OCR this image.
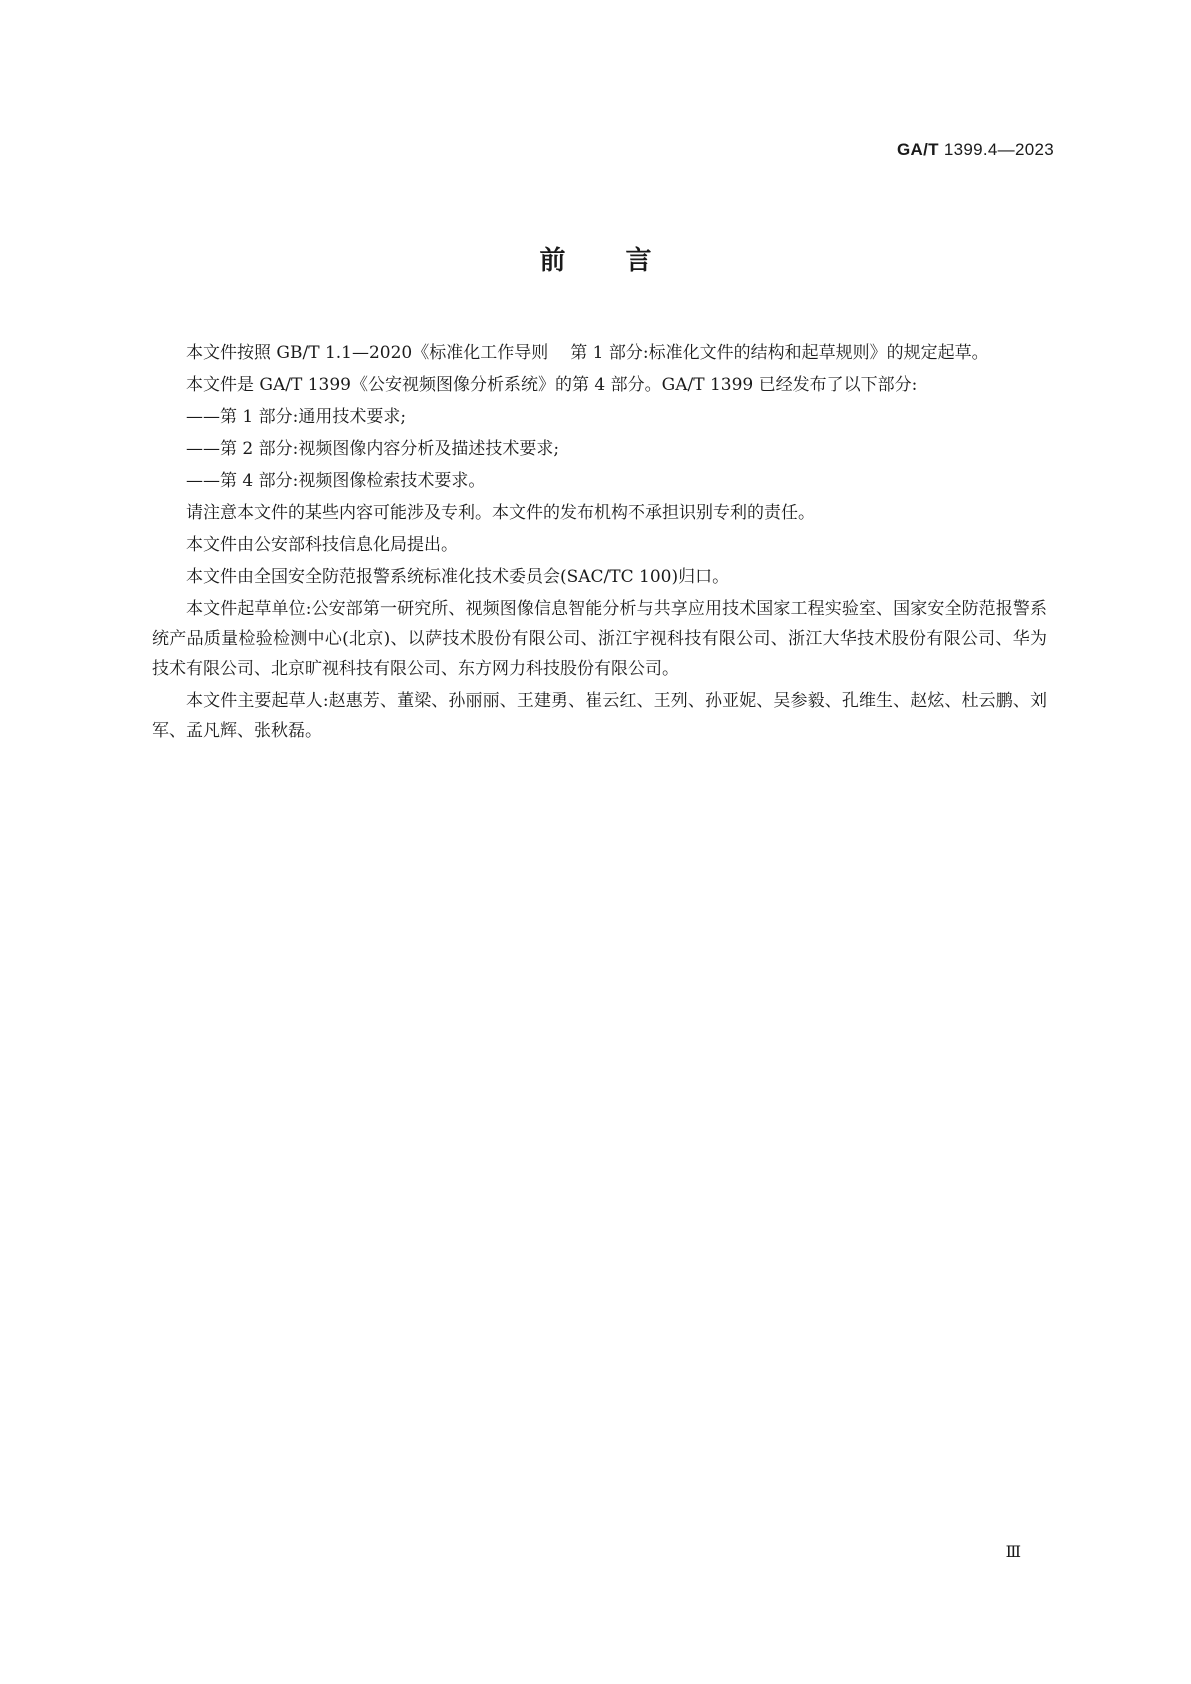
GA/T 1399.4—2023
前言

本文件按照 GB/T 1.1—2020《标准化工作导则 第 1 部分:标准化文件的结构和起草规则》的规定起草。

本文件是 GA/T 1399《公安视频图像分析系统》的第 4 部分。GA/T 1399 已经发布了以下部分:

——第 1 部分:通用技术要求;

——第 2 部分:视频图像内容分析及描述技术要求;

——第 4 部分:视频图像检索技术要求。

请注意本文件的某些内容可能涉及专利。本文件的发布机构不承担识别专利的责任。

本文件由公安部科技信息化局提出。

本文件由全国安全防范报警系统标准化技术委员会(SAC/TC 100)归口。

本文件起草单位:公安部第一研究所、视频图像信息智能分析与共享应用技术国家工程实验室、国家安全防范报警系统产品质量检验检测中心(北京)、以萨技术股份有限公司、浙江宇视科技有限公司、浙江大华技术股份有限公司、华为技术有限公司、北京旷视科技有限公司、东方网力科技股份有限公司。

本文件主要起草人:赵惠芳、董梁、孙丽丽、王建勇、崔云红、王列、孙亚妮、吴参毅、孔维生、赵炫、杜云鹏、刘军、孟凡辉、张秋磊。

Ⅲ
